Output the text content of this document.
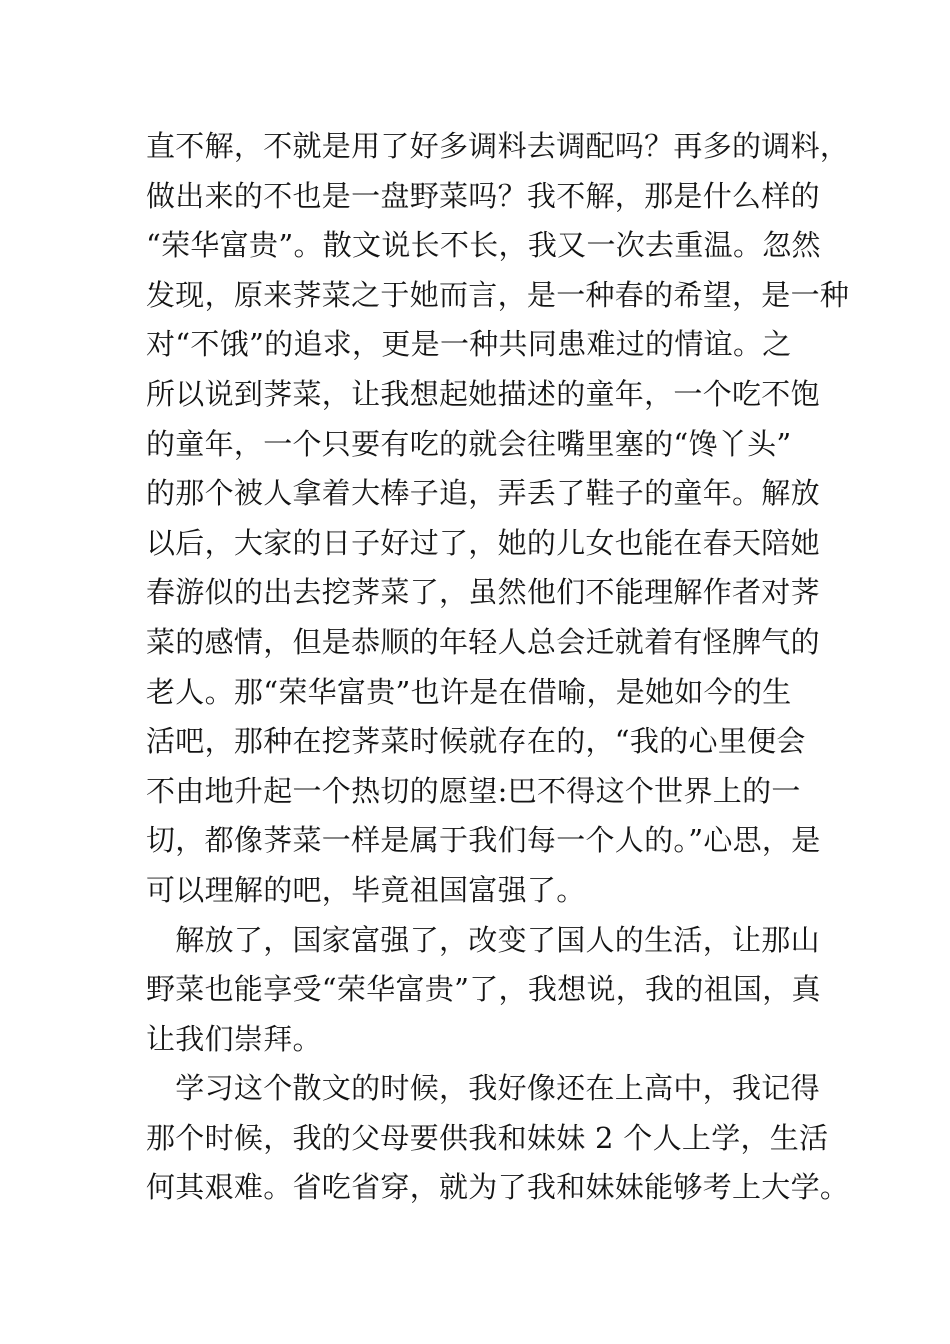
直不解，不就是用了好多调料去调配吗？再多的调料，
做出来的不也是一盘野菜吗？我不解，那是什么样的
“荣华富贵”。散文说长不长，我又一次去重温。忽然
发现，原来荠菜之于她而言，是一种春的希望，是一种
对“不饿”的追求，更是一种共同患难过的情谊。之
所以说到荠菜，让我想起她描述的童年，一个吃不饱
的童年，一个只要有吃的就会往嘴里塞的“馋丫头”
的那个被人拿着大棒子追，弄丢了鞋子的童年。解放
以后，大家的日子好过了，她的儿女也能在春天陪她
春游似的出去挖荠菜了，虽然他们不能理解作者对荠
菜的感情，但是恭顺的年轻人总会迁就着有怪脾气的
老人。那“荣华富贵”也许是在借喻，是她如今的生
活吧，那种在挖荠菜时候就存在的，“我的心里便会
不由地升起一个热切的愿望:巴不得这个世界上的一
切，都像荠菜一样是属于我们每一个人的。”心思，是
可以理解的吧，毕竟祖国富强了。
　解放了，国家富强了，改变了国人的生活，让那山
野菜也能享受“荣华富贵”了，我想说，我的祖国，真
让我们崇拜。
　学习这个散文的时候，我好像还在上高中，我记得
那个时候，我的父母要供我和妹妹 2 个人上学，生活
何其艰难。省吃省穿，就为了我和妹妹能够考上大学。
